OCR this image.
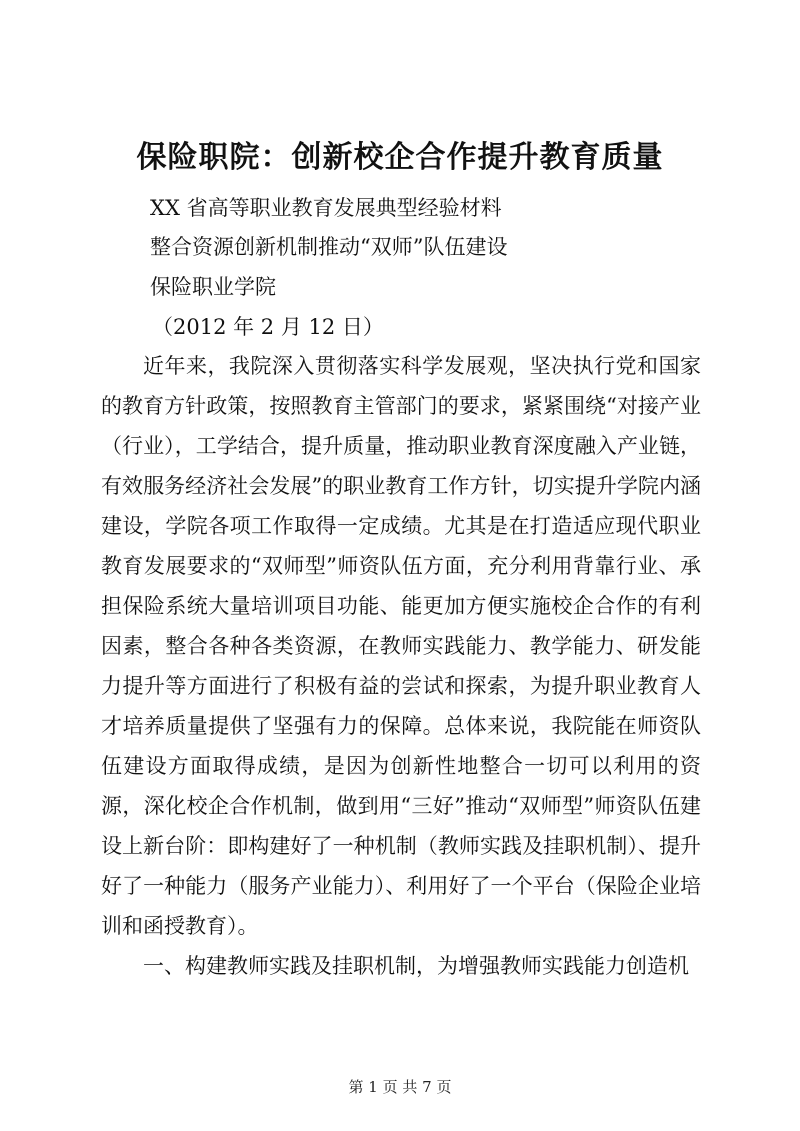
保险职院：创新校企合作提升教育质量
XX 省高等职业教育发展典型经验材料
整合资源创新机制推动“双师”队伍建设
保险职业学院
（2012 年 2 月 12 日）

近年来，我院深入贯彻落实科学发展观，坚决执行党和国家的教育方针政策，按照教育主管部门的要求，紧紧围绕“对接产业（行业），工学结合，提升质量，推动职业教育深度融入产业链，有效服务经济社会发展”的职业教育工作方针，切实提升学院内涵建设，学院各项工作取得一定成绩。尤其是在打造适应现代职业教育发展要求的“双师型”师资队伍方面，充分利用背靠行业、承担保险系统大量培训项目功能、能更加方便实施校企合作的有利因素，整合各种各类资源，在教师实践能力、教学能力、研发能力提升等方面进行了积极有益的尝试和探索，为提升职业教育人才培养质量提供了坚强有力的保障。总体来说，我院能在师资队伍建设方面取得成绩，是因为创新性地整合一切可以利用的资源，深化校企合作机制，做到用“三好”推动“双师型”师资队伍建设上新台阶：即构建好了一种机制（教师实践及挂职机制）、提升好了一种能力（服务产业能力）、利用好了一个平台（保险企业培训和函授教育）。

一、构建教师实践及挂职机制，为增强教师实践能力创造机

第 1 页 共 7 页
